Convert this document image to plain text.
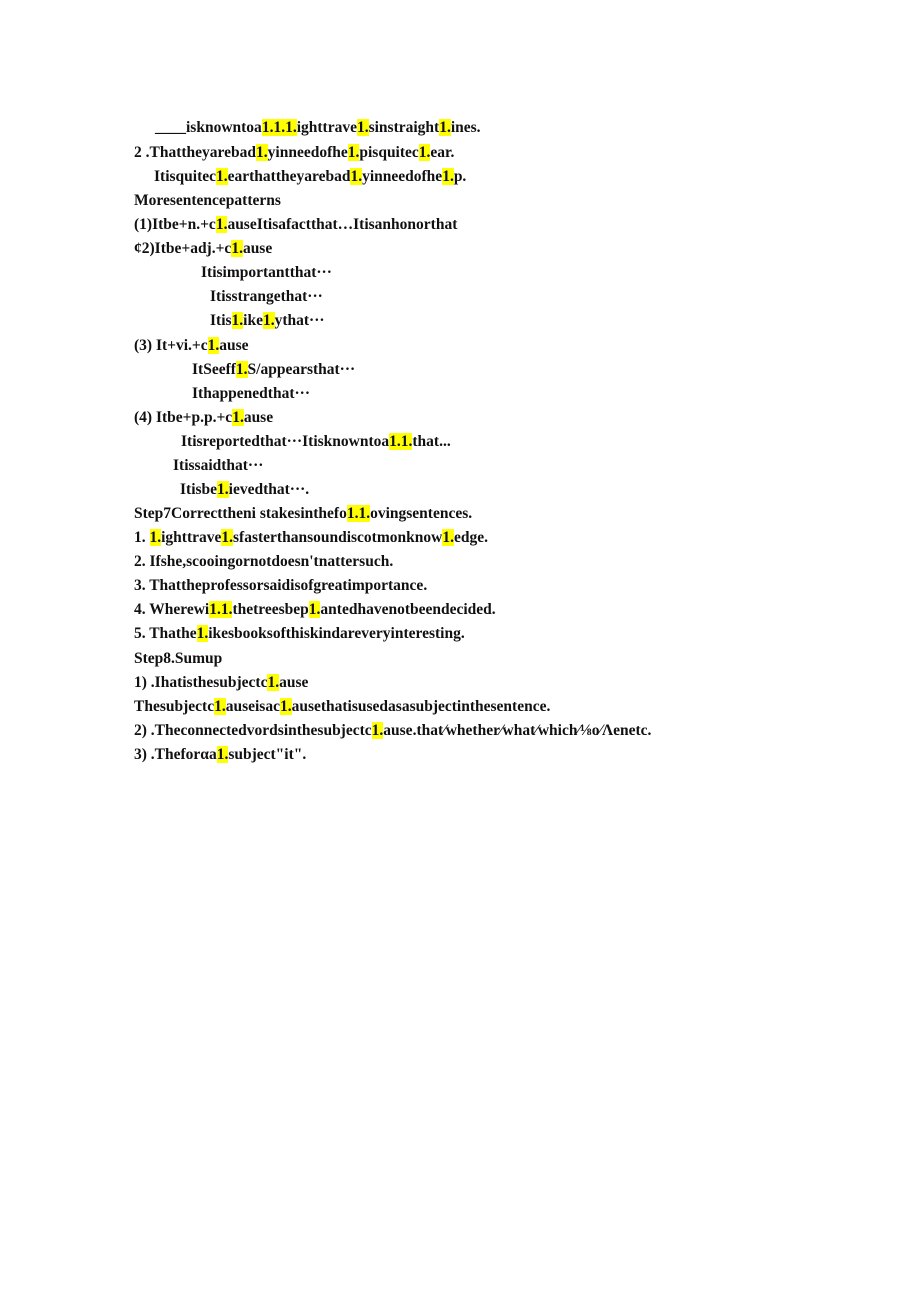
____isknowntoa1.1.1.ighttrave1.sinstraight1.ines.
2 .Thattheyarebad1.yinneedofhe1.pisquitec1.ear.
Itisquitec1.earthattheyarebad1.yinneedofhe1.p.
Moresentencepatterns
(1)Itbe+n.+c1.auseItisafactthat…Itisanhonorthat
¢2)Itbe+adj.+c1.ause
Itisimportantthat···
Itisstrangethat···
Itis1.ike1.ythat···
(3) It+vi.+c1.ause
ItSeeff1.S/appearsthat···
Ithappenedthat···
(4) Itbe+p.p.+c1.ause
Itisreportedthat···Itisknowntoa1.1.that...
Itissaidthat···
Itisbe1.ievedthat···.
Step7Correcttheni stakesinthefo1.1.ovingsentences.
1. 1.ighttrave1.sfasterthansoundiscotmonknow1.edge.
2. Ifshe,scooingornotdoesn'tnattersuch.
3. Thattheprofessorsaidisofgreatimportance.
4. Wherewi1.1.thetreesbep1.antedhavenotbeendecided.
5. Thathe1.ikesbooksofthiskindareveryinteresting.
Step8.Sumup
1) .Ihatisthesubjectc1.ause
Thesubjectc1.auseisac1.ausethatisusedasasubjectinthesentence.
2) .Theconnectedvordsinthesubjectc1.ause.that⁄whether⁄what⁄which⁄⅛o⁄Λenetc.
3) .Theforαa1.subject"it".
